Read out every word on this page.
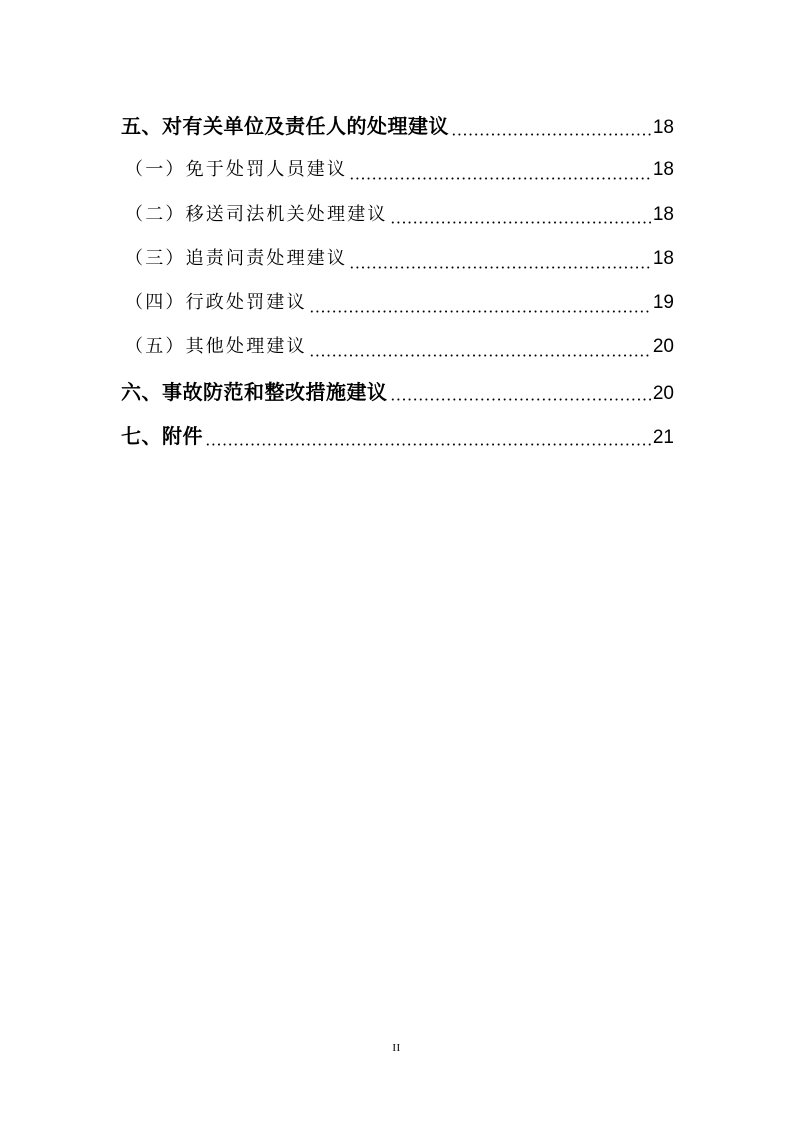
五、对有关单位及责任人的处理建议	18
（一）免于处罚人员建议	18
（二）移送司法机关处理建议	18
（三）追责问责处理建议	18
（四）行政处罚建议	19
（五）其他处理建议	20
六、事故防范和整改措施建议	20
七、附件	21
II
